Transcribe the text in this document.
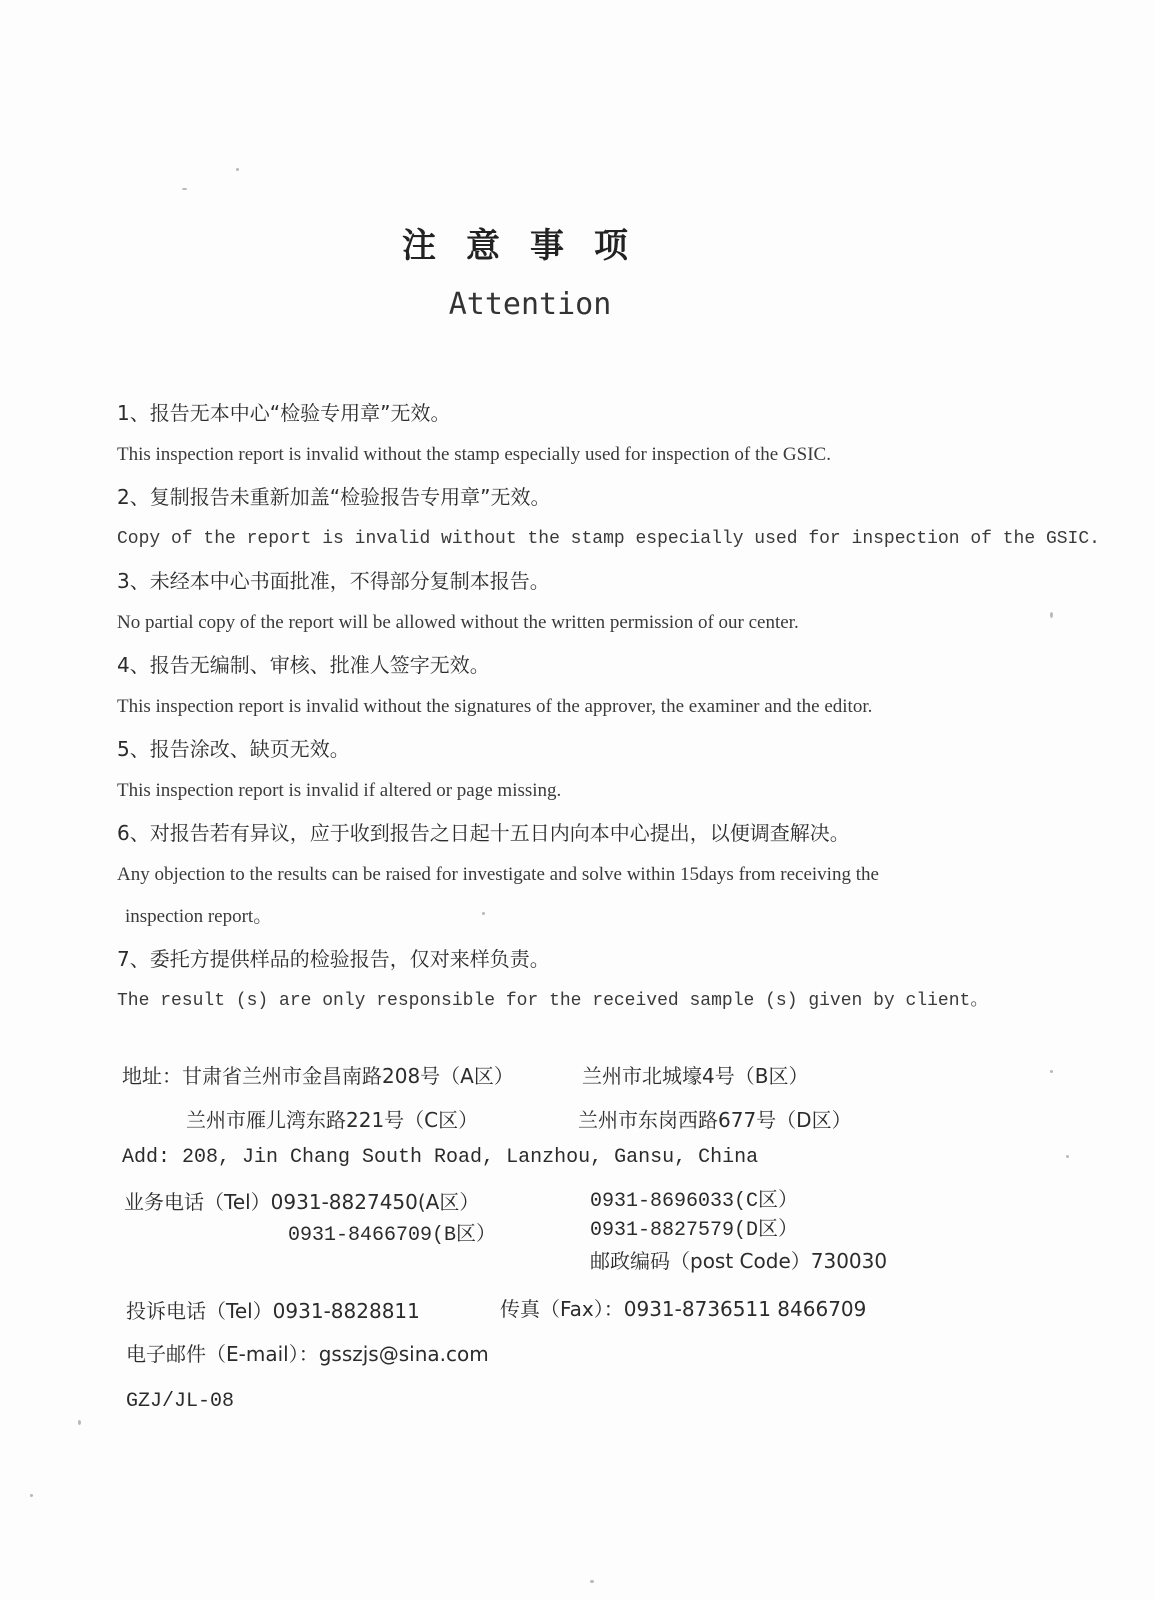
注意事项
Attention
1、报告无本中心“检验专用章”无效。
This inspection report is invalid without the stamp especially used for inspection of the GSIC.
2、复制报告未重新加盖“检验报告专用章”无效。
Copy of the report is invalid without the stamp especially used for inspection of the GSIC.
3、未经本中心书面批准，不得部分复制本报告。
No partial copy of the report will be allowed without the written permission of our center.
4、报告无编制、审核、批准人签字无效。
This inspection report is invalid without the signatures of the approver, the examiner and the editor.
5、报告涂改、缺页无效。
This inspection report is invalid if altered or page missing.
6、对报告若有异议，应于收到报告之日起十五日内向本中心提出，以便调查解决。
Any objection to the results can be raised for investigate and solve within 15days from receiving the
inspection report。
7、委托方提供样品的检验报告，仅对来样负责。
The result (s) are only responsible for the received sample (s) given by client。
地址：甘肃省兰州市金昌南路208号（A区）	兰州市北城壕4号（B区）
兰州市雁儿湾东路221号（C区）	兰州市东岗西路677号（D区）
Add: 208, Jin Chang South Road, Lanzhou, Gansu, China
业务电话（Tel）0931-8827450(A区）	0931-8696033(C区）
0931-8466709(B区）	0931-8827579(D区）
邮政编码（post Code）730030
投诉电话（Tel）0931-8828811	传真（Fax）：0931-8736511 8466709
电子邮件（E-mail）：gsszjs@sina.com
GZJ/JL-08
